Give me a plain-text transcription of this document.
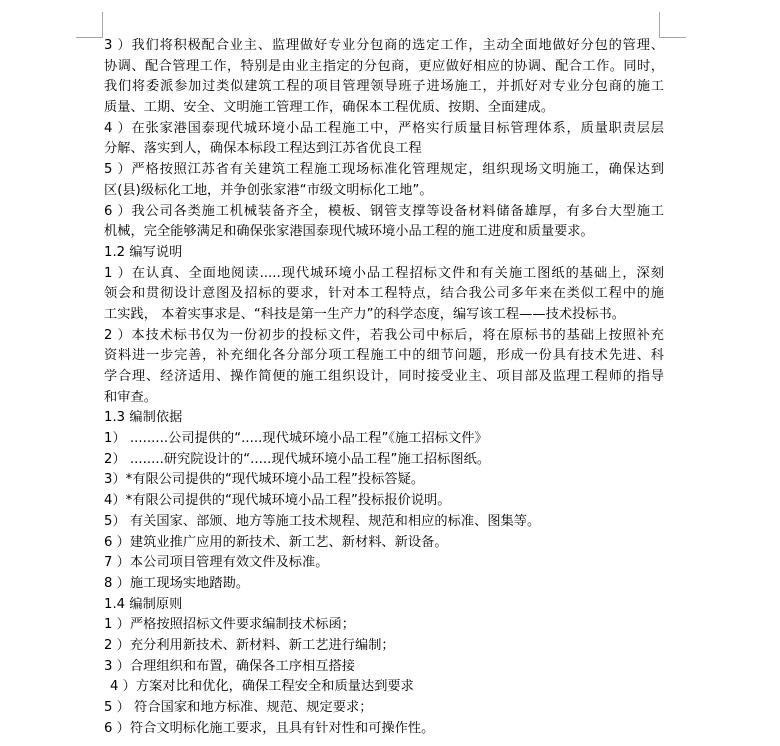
3 ）我们将积极配合业主、监理做好专业分包商的选定工作，主动全面地做好分包的管理、
协调、配合管理工作，特别是由业主指定的分包商，更应做好相应的协调、配合工作。同时，
我们将委派参加过类似建筑工程的项目管理领导班子进场施工，并抓好对专业分包商的施工
质量、工期、安全、文明施工管理工作，确保本工程优质、按期、全面建成。
4 ）在张家港国泰现代城环境小品工程施工中，严格实行质量目标管理体系，质量职责层层
分解、落实到人，确保本标段工程达到江苏省优良工程
5 ）严格按照江苏省有关建筑工程施工现场标准化管理规定，组织现场文明施工，确保达到
区(县)级标化工地，并争创张家港“市级文明标化工地”。
6 ）我公司各类施工机械装备齐全，模板、钢管支撑等设备材料储备雄厚，有多台大型施工
机械，完全能够满足和确保张家港国泰现代城环境小品工程的施工进度和质量要求。
1.2 编写说明
1 ）在认真、全面地阅读.....现代城环境小品工程招标文件和有关施工图纸的基础上，深刻
领会和贯彻设计意图及招标的要求，针对本工程特点，结合我公司多年来在类似工程中的施
工实践， 本着实事求是、“科技是第一生产力”的科学态度，编写该工程——技术投标书。
2 ）本技术标书仅为一份初步的投标文件，若我公司中标后，将在原标书的基础上按照补充
资料进一步完善，补充细化各分部分项工程施工中的细节问题，形成一份具有技术先进、科
学合理、经济适用、操作简便的施工组织设计，同时接受业主、项目部及监理工程师的指导
和审查。
1.3 编制依据
1） .........公司提供的“.....现代城环境小品工程”《施工招标文件》
2） ........研究院设计的“.....现代城环境小品工程”施工招标图纸。
3）*有限公司提供的“现代城环境小品工程”投标答疑。
4）*有限公司提供的“现代城环境小品工程”投标报价说明。
5） 有关国家、部颁、地方等施工技术规程、规范和相应的标准、图集等。
6 ）建筑业推广应用的新技术、新工艺、新材料、新设备。
7 ）本公司项目管理有效文件及标准。
8 ）施工现场实地踏勘。
1.4 编制原则
1 ）严格按照招标文件要求编制技术标函；
2 ）充分利用新技术、新材料、新工艺进行编制；
3 ）合理组织和布置，确保各工序相互搭接
4 ）方案对比和优化，确保工程安全和质量达到要求
5 ） 符合国家和地方标准、规范、规定要求；
6 ）符合文明标化施工要求，且具有针对性和可操作性。
